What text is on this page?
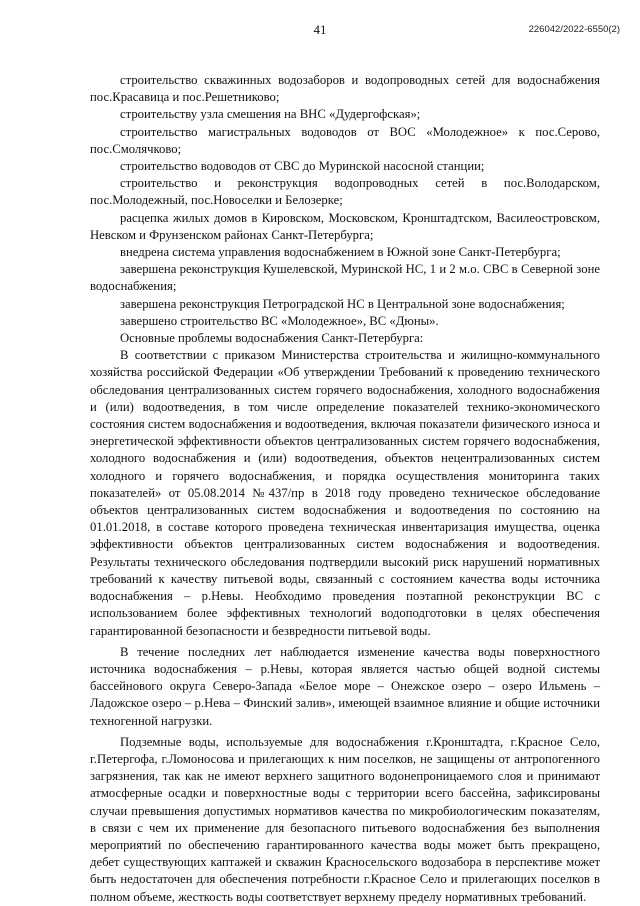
41	226042/2022-6550(2)

строительство скважинных водозаборов и водопроводных сетей для водоснабжения пос.Красавица и пос.Решетниково;

строительству узла смешения на ВНС «Дудергофская»;

строительство магистральных водоводов от ВОС «Молодежное» к пос.Серово, пос.Смолячково;

строительство водоводов от СВС до Муринской насосной станции;

строительство и реконструкция водопроводных сетей в пос.Володарском, пос.Молодежный, пос.Новоселки и Белозерке;

расцепка жилых домов в Кировском, Московском, Кронштадтском, Василеостровском, Невском и Фрунзенском районах Санкт-Петербурга;

внедрена система управления водоснабжением в Южной зоне Санкт-Петербурга;

завершена реконструкция Кушелевской, Муринской НС, 1 и 2 м.о. СВС в Северной зоне водоснабжения;

завершена реконструкция Петроградской НС в Центральной зоне водоснабжения;

завершено строительство ВС «Молодежное», ВС «Дюны».

Основные проблемы водоснабжения Санкт-Петербурга:

В соответствии с приказом Министерства строительства и жилищно-коммунального хозяйства российской Федерации «Об утверждении Требований к проведению технического обследования централизованных систем горячего водоснабжения, холодного водоснабжения и (или) водоотведения, в том числе определение показателей технико-экономического состояния систем водоснабжения и водоотведения, включая показатели физического износа и энергетической эффективности объектов централизованных систем горячего водоснабжения, холодного водоснабжения и (или) водоотведения, объектов нецентрализованных систем холодного и горячего водоснабжения, и порядка осуществления мониторинга таких показателей» от 05.08.2014 №437/пр в 2018 году проведено техническое обследование объектов централизованных систем водоснабжения и водоотведения по состоянию на 01.01.2018, в составе которого проведена техническая инвентаризация имущества, оценка эффективности объектов централизованных систем водоснабжения и водоотведения. Результаты технического обследования подтвердили высокий риск нарушений нормативных требований к качеству питьевой воды, связанный с состоянием качества воды источника водоснабжения – р.Невы. Необходимо проведения поэтапной реконструкции ВС с использованием более эффективных технологий водоподготовки в целях обеспечения гарантированной безопасности и безвредности питьевой воды.

В течение последних лет наблюдается изменение качества воды поверхностного источника водоснабжения – р.Невы, которая является частью общей водной системы бассейнового округа Северо-Запада «Белое море – Онежское озеро – озеро Ильмень – Ладожское озеро – р.Нева – Финский залив», имеющей взаимное влияние и общие источники техногенной нагрузки.

Подземные воды, используемые для водоснабжения г.Кронштадта, г.Красное Село, г.Петергофа, г.Ломоносова и прилегающих к ним поселков, не защищены от антропогенного загрязнения, так как не имеют верхнего защитного водонепроницаемого слоя и принимают атмосферные осадки и поверхностные воды с территории всего бассейна, зафиксированы случаи превышения допустимых нормативов качества по микробиологическим показателям, в связи с чем их применение для безопасного питьевого водоснабжения без выполнения мероприятий по обеспечению гарантированного качества воды может быть прекращено, дебет существующих каптажей и скважин Красносельского водозабора в перспективе может быть недостаточен для обеспечения потребности г.Красное Село и прилегающих поселков в полном объеме, жесткость воды соответствует верхнему пределу нормативных требований.
